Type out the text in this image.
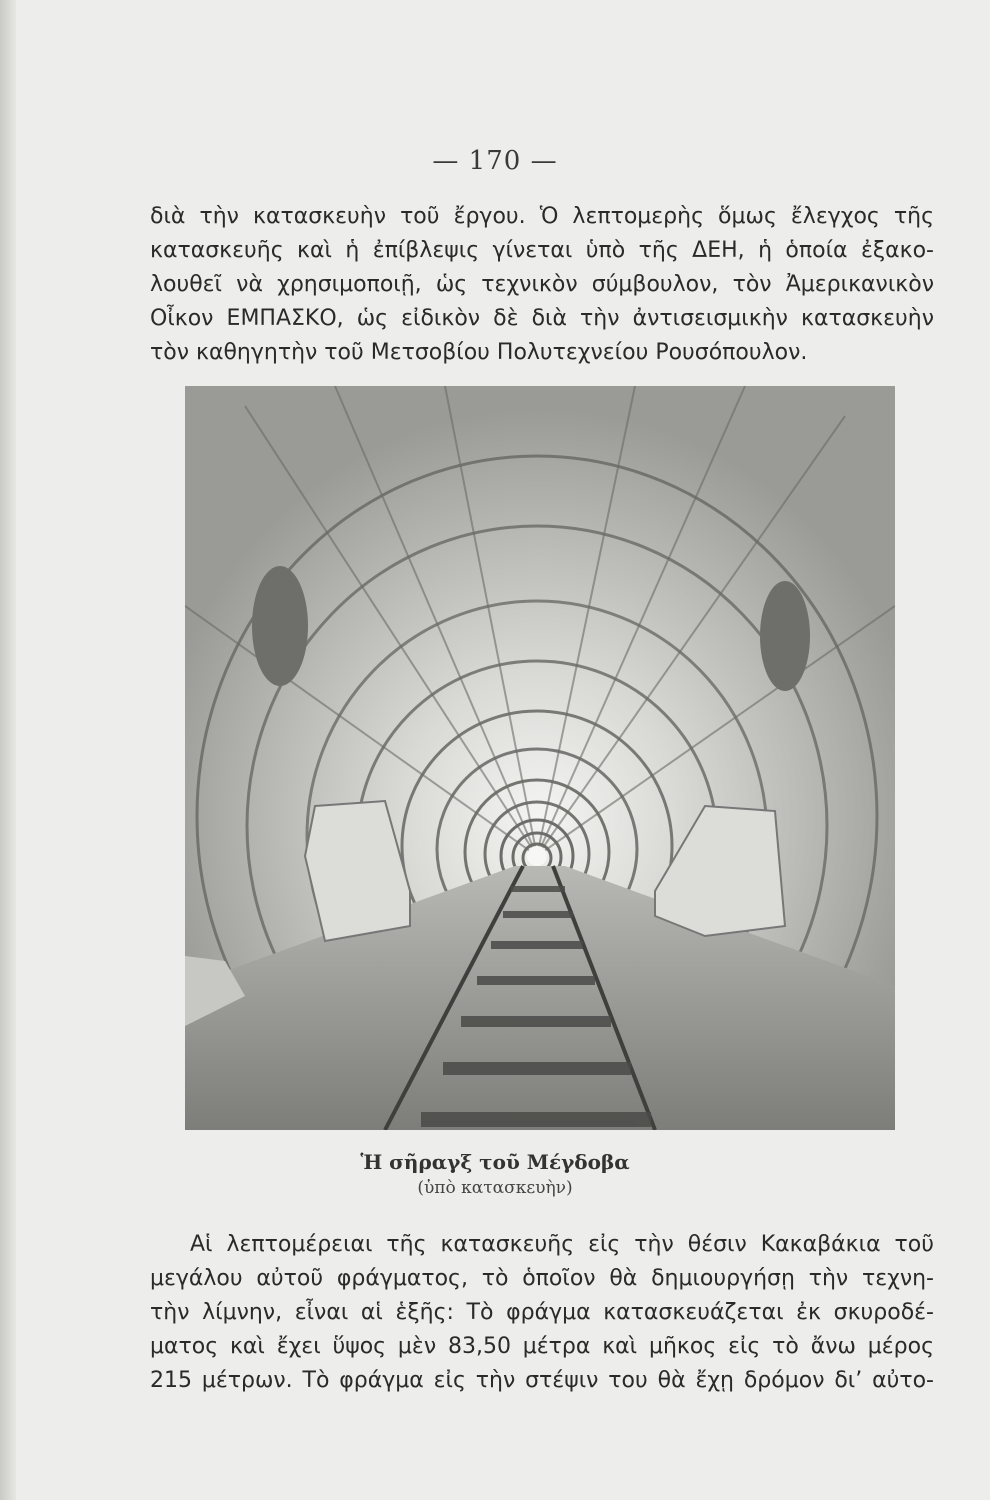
— 170 —
διὰ τὴν κατασκευὴν τοῦ ἔργου. Ὁ λεπτομερὴς ὅμως ἔλεγχος τῆς
κατασκευῆς καὶ ἡ ἐπίβλεψις γίνεται ὑπὸ τῆς ΔΕΗ, ἡ ὁποία ἐξακο-
λουθεῖ νὰ χρησιμοποιῇ, ὡς τεχνικὸν σύμβουλον, τὸν Ἀμερικανικὸν
Οἶκον ΕΜΠΑΣΚΟ, ὡς εἰδικὸν δὲ διὰ τὴν ἀντισεισμικὴν κατασκευὴν
τὸν καθηγητὴν τοῦ Μετσοβίου Πολυτεχνείου Ρουσόπουλον.
Ἡ σῆραγξ τοῦ Μέγδοβα
(ὑπὸ κατασκευὴν)
Αἱ λεπτομέρειαι τῆς κατασκευῆς εἰς τὴν θέσιν Κακαβάκια τοῦ
μεγάλου αὐτοῦ φράγματος, τὸ ὁποῖον θὰ δημιουργήσῃ τὴν τεχνη-
τὴν λίμνην, εἶναι αἱ ἑξῆς: Τὸ φράγμα κατασκευάζεται ἐκ σκυροδέ-
ματος καὶ ἔχει ὕψος μὲν 83,50 μέτρα καὶ μῆκος εἰς τὸ ἄνω μέρος
215 μέτρων. Τὸ φράγμα εἰς τὴν στέψιν του θὰ ἔχῃ δρόμον δι’ αὐτο-
